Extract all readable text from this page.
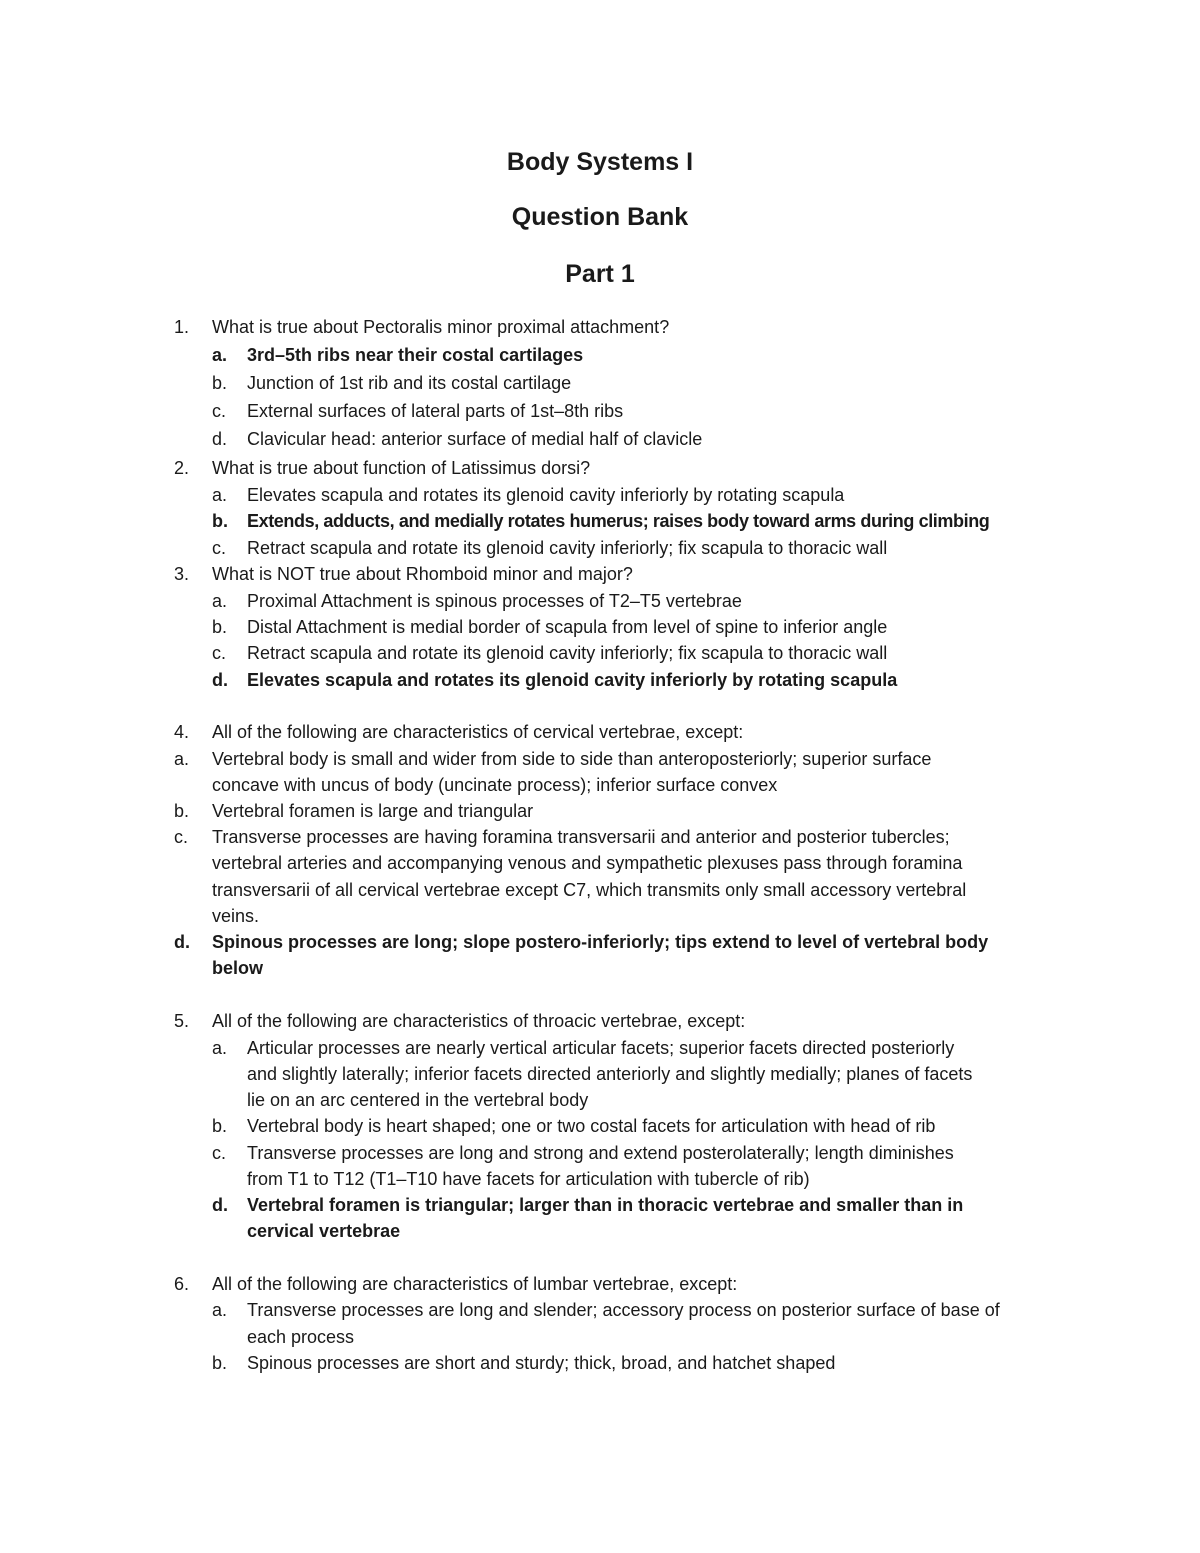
Body Systems I
Question Bank
Part 1
1. What is true about Pectoralis minor proximal attachment?
a. 3rd–5th ribs near their costal cartilages
b. Junction of 1st rib and its costal cartilage
c. External surfaces of lateral parts of 1st–8th ribs
d. Clavicular head: anterior surface of medial half of clavicle
2. What is true about function of Latissimus dorsi?
a. Elevates scapula and rotates its glenoid cavity inferiorly by rotating scapula
b. Extends, adducts, and medially rotates humerus; raises body toward arms during climbing
c. Retract scapula and rotate its glenoid cavity inferiorly; fix scapula to thoracic wall
3. What is NOT true about Rhomboid minor and major?
a. Proximal Attachment is spinous processes of T2–T5 vertebrae
b. Distal Attachment is medial border of scapula from level of spine to inferior angle
c. Retract scapula and rotate its glenoid cavity inferiorly; fix scapula to thoracic wall
d. Elevates scapula and rotates its glenoid cavity inferiorly by rotating scapula
4. All of the following are characteristics of cervical vertebrae, except:
a. Vertebral body is small and wider from side to side than anteroposteriorly; superior surface
concave with uncus of body (uncinate process); inferior surface convex
b. Vertebral foramen is large and triangular
c. Transverse processes are having foramina transversarii and anterior and posterior tubercles;
vertebral arteries and accompanying venous and sympathetic plexuses pass through foramina
transversarii of all cervical vertebrae except C7, which transmits only small accessory vertebral
veins.
d. Spinous processes are long; slope postero-inferiorly; tips extend to level of vertebral body
below
5. All of the following are characteristics of throacic vertebrae, except:
a. Articular processes are nearly vertical articular facets; superior facets directed posteriorly
and slightly laterally; inferior facets directed anteriorly and slightly medially; planes of facets
lie on an arc centered in the vertebral body
b. Vertebral body is heart shaped; one or two costal facets for articulation with head of rib
c. Transverse processes are long and strong and extend posterolaterally; length diminishes
from T1 to T12 (T1–T10 have facets for articulation with tubercle of rib)
d. Vertebral foramen is triangular; larger than in thoracic vertebrae and smaller than in
cervical vertebrae
6. All of the following are characteristics of lumbar vertebrae, except:
a. Transverse processes are long and slender; accessory process on posterior surface of base of
each process
b. Spinous processes are short and sturdy; thick, broad, and hatchet shaped
